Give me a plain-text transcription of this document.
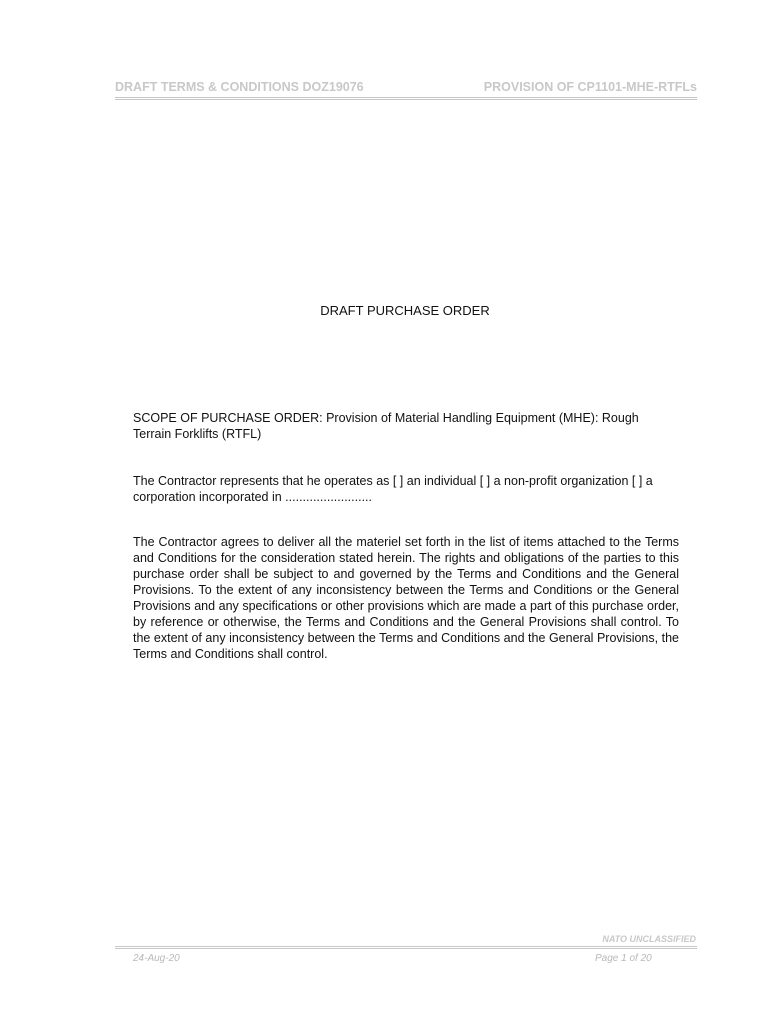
DRAFT TERMS & CONDITIONS DOZ19076	PROVISION OF CP1101-MHE-RTFLs
DRAFT PURCHASE ORDER
SCOPE OF PURCHASE ORDER: Provision of Material Handling Equipment (MHE): Rough Terrain Forklifts (RTFL)
The Contractor represents that he operates as [ ] an individual [ ] a non-profit organization [ ] a corporation incorporated in .........................
The Contractor agrees to deliver all the materiel set forth in the list of items attached to the Terms and Conditions for the consideration stated herein. The rights and obligations of the parties to this purchase order shall be subject to and governed by the Terms and Conditions and the General Provisions. To the extent of any inconsistency between the Terms and Conditions or the General Provisions and any specifications or other provisions which are made a part of this purchase order, by reference or otherwise, the Terms and Conditions and the General Provisions shall control. To the extent of any inconsistency between the Terms and Conditions and the General Provisions, the Terms and Conditions shall control.
NATO UNCLASSIFIED
24-Aug-20	Page 1 of 20
